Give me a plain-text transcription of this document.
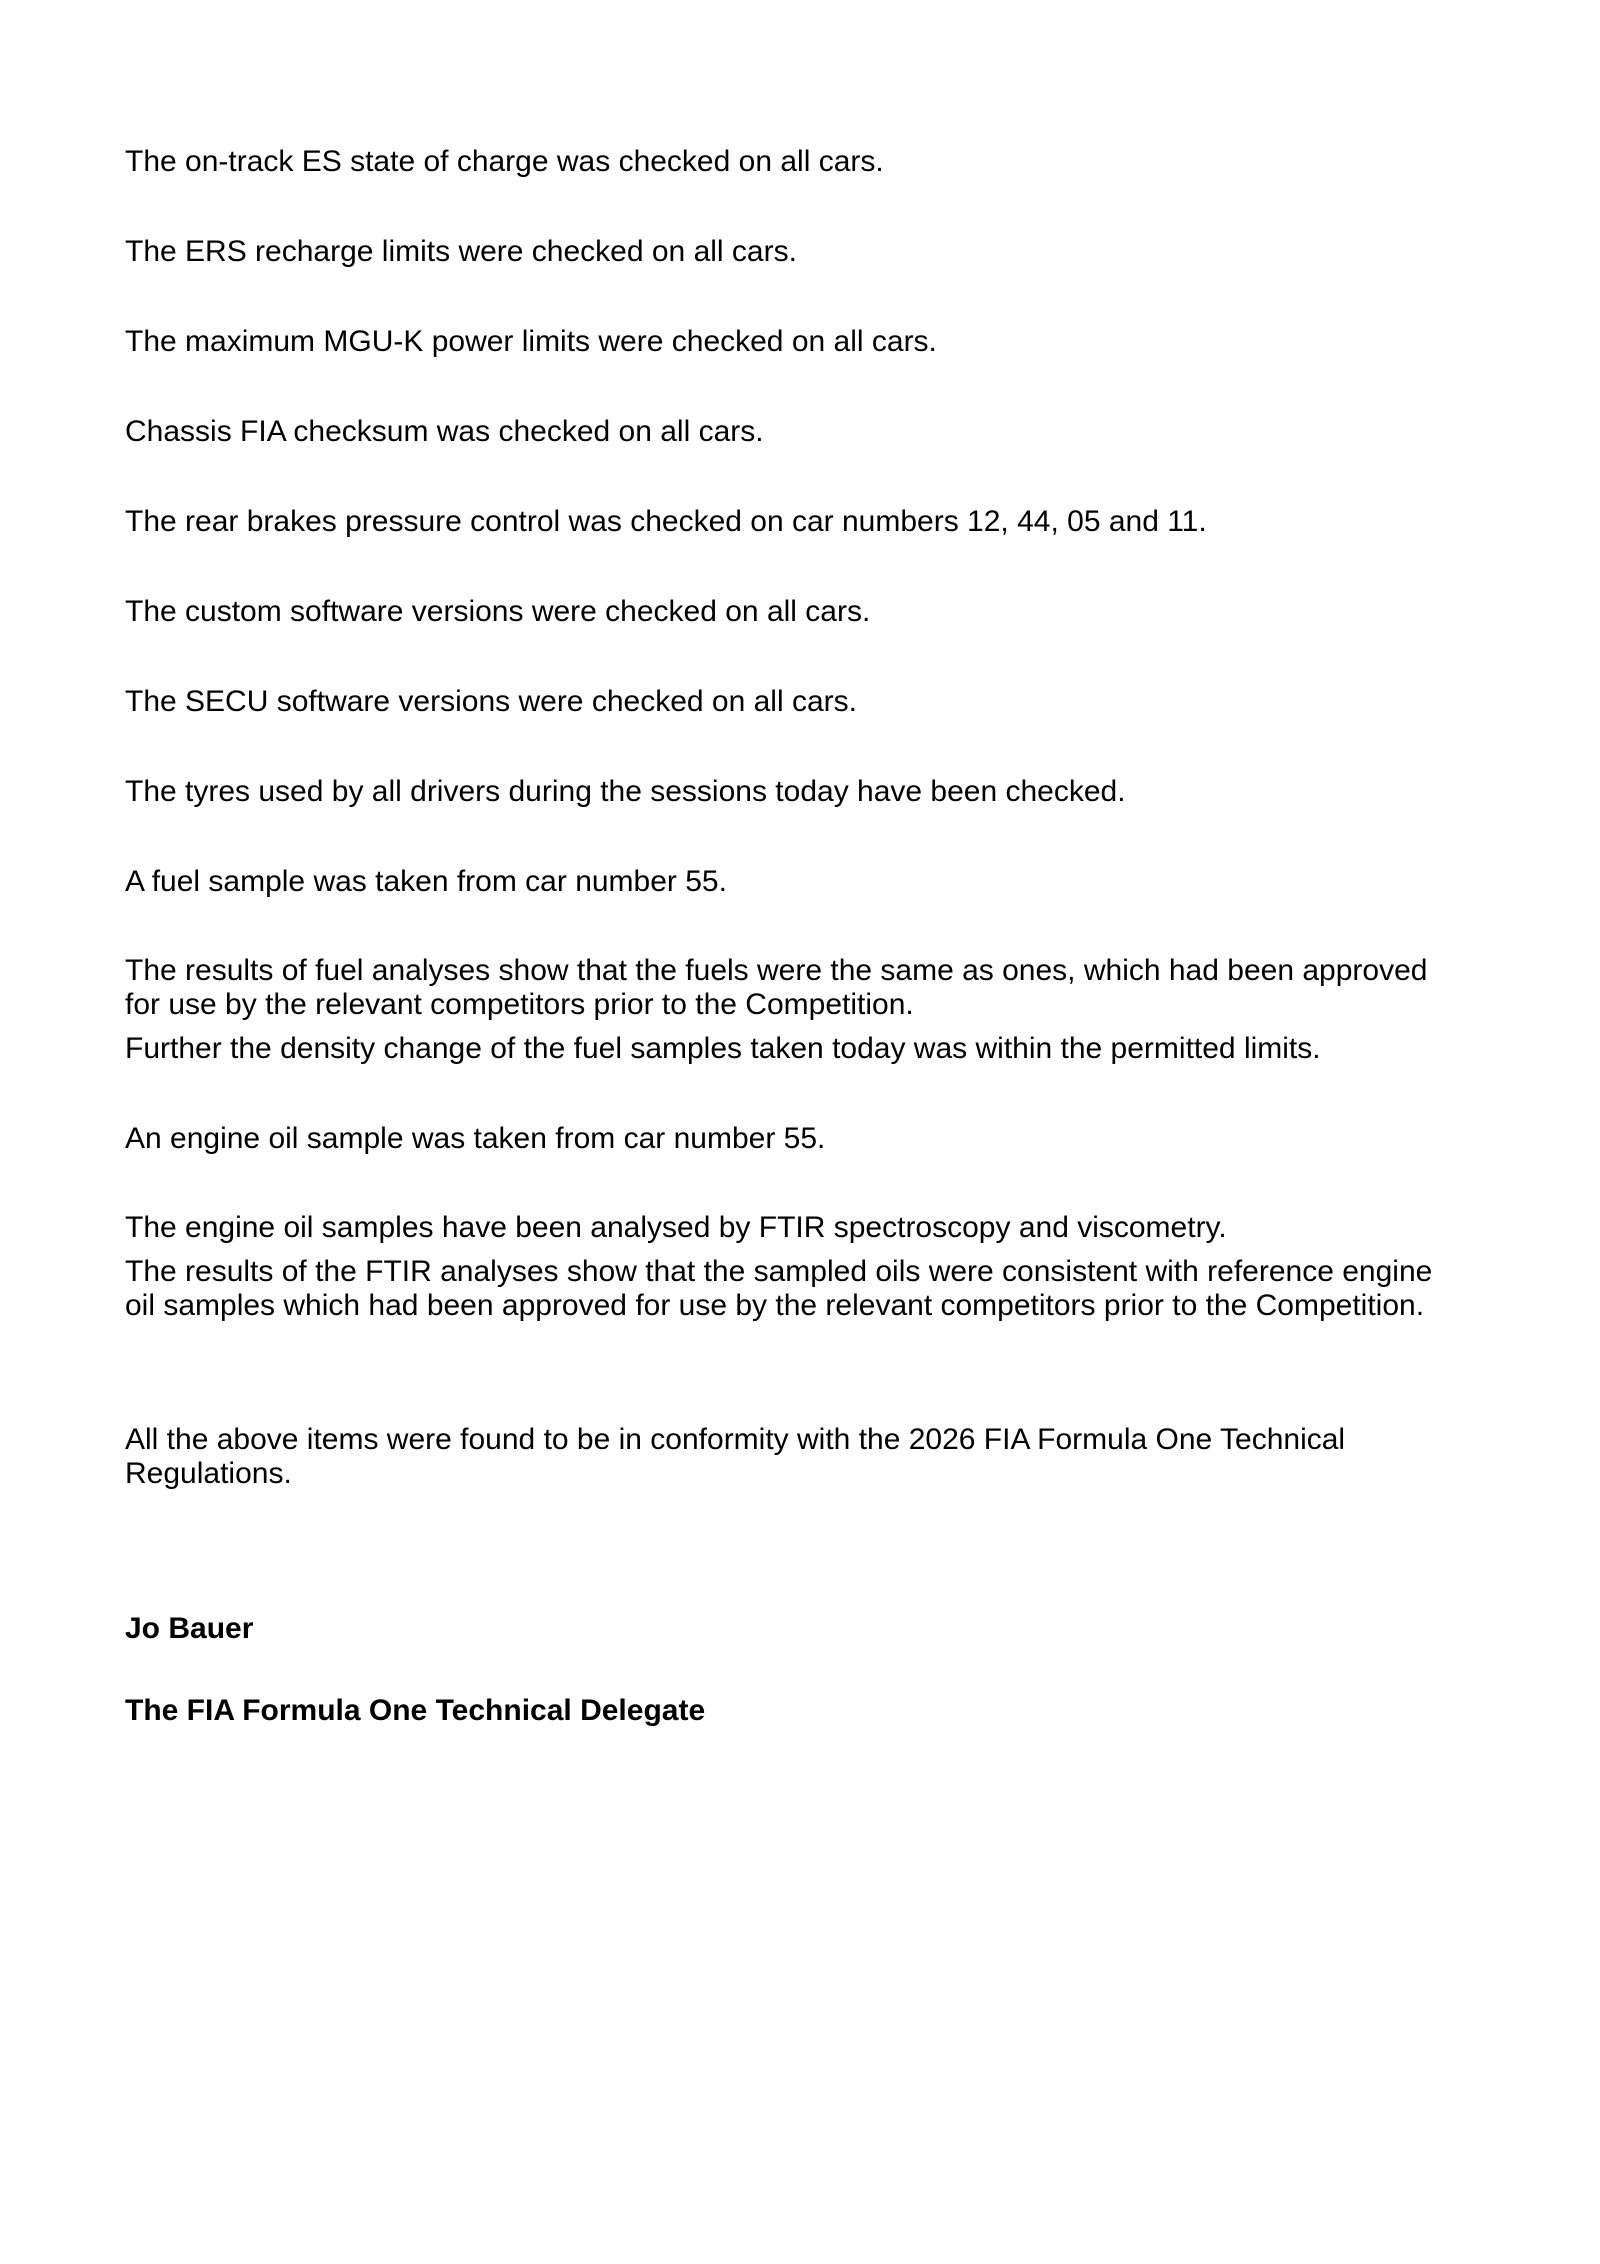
The on-track ES state of charge was checked on all cars.

The ERS recharge limits were checked on all cars.

The maximum MGU-K power limits were checked on all cars.

Chassis FIA checksum was checked on all cars.

The rear brakes pressure control was checked on car numbers 12, 44, 05 and 11.

The custom software versions were checked on all cars.

The SECU software versions were checked on all cars.

The tyres used by all drivers during the sessions today have been checked.

A fuel sample was taken from car number 55.

The results of fuel analyses show that the fuels were the same as ones, which had been approved
for use by the relevant competitors prior to the Competition.
Further the density change of the fuel samples taken today was within the permitted limits.

An engine oil sample was taken from car number 55.

The engine oil samples have been analysed by FTIR spectroscopy and viscometry.
The results of the FTIR analyses show that the sampled oils were consistent with reference engine
oil samples which had been approved for use by the relevant competitors prior to the Competition.
All the above items were found to be in conformity with the 2026 FIA Formula One Technical
Regulations.

Jo Bauer

The FIA Formula One Technical Delegate
